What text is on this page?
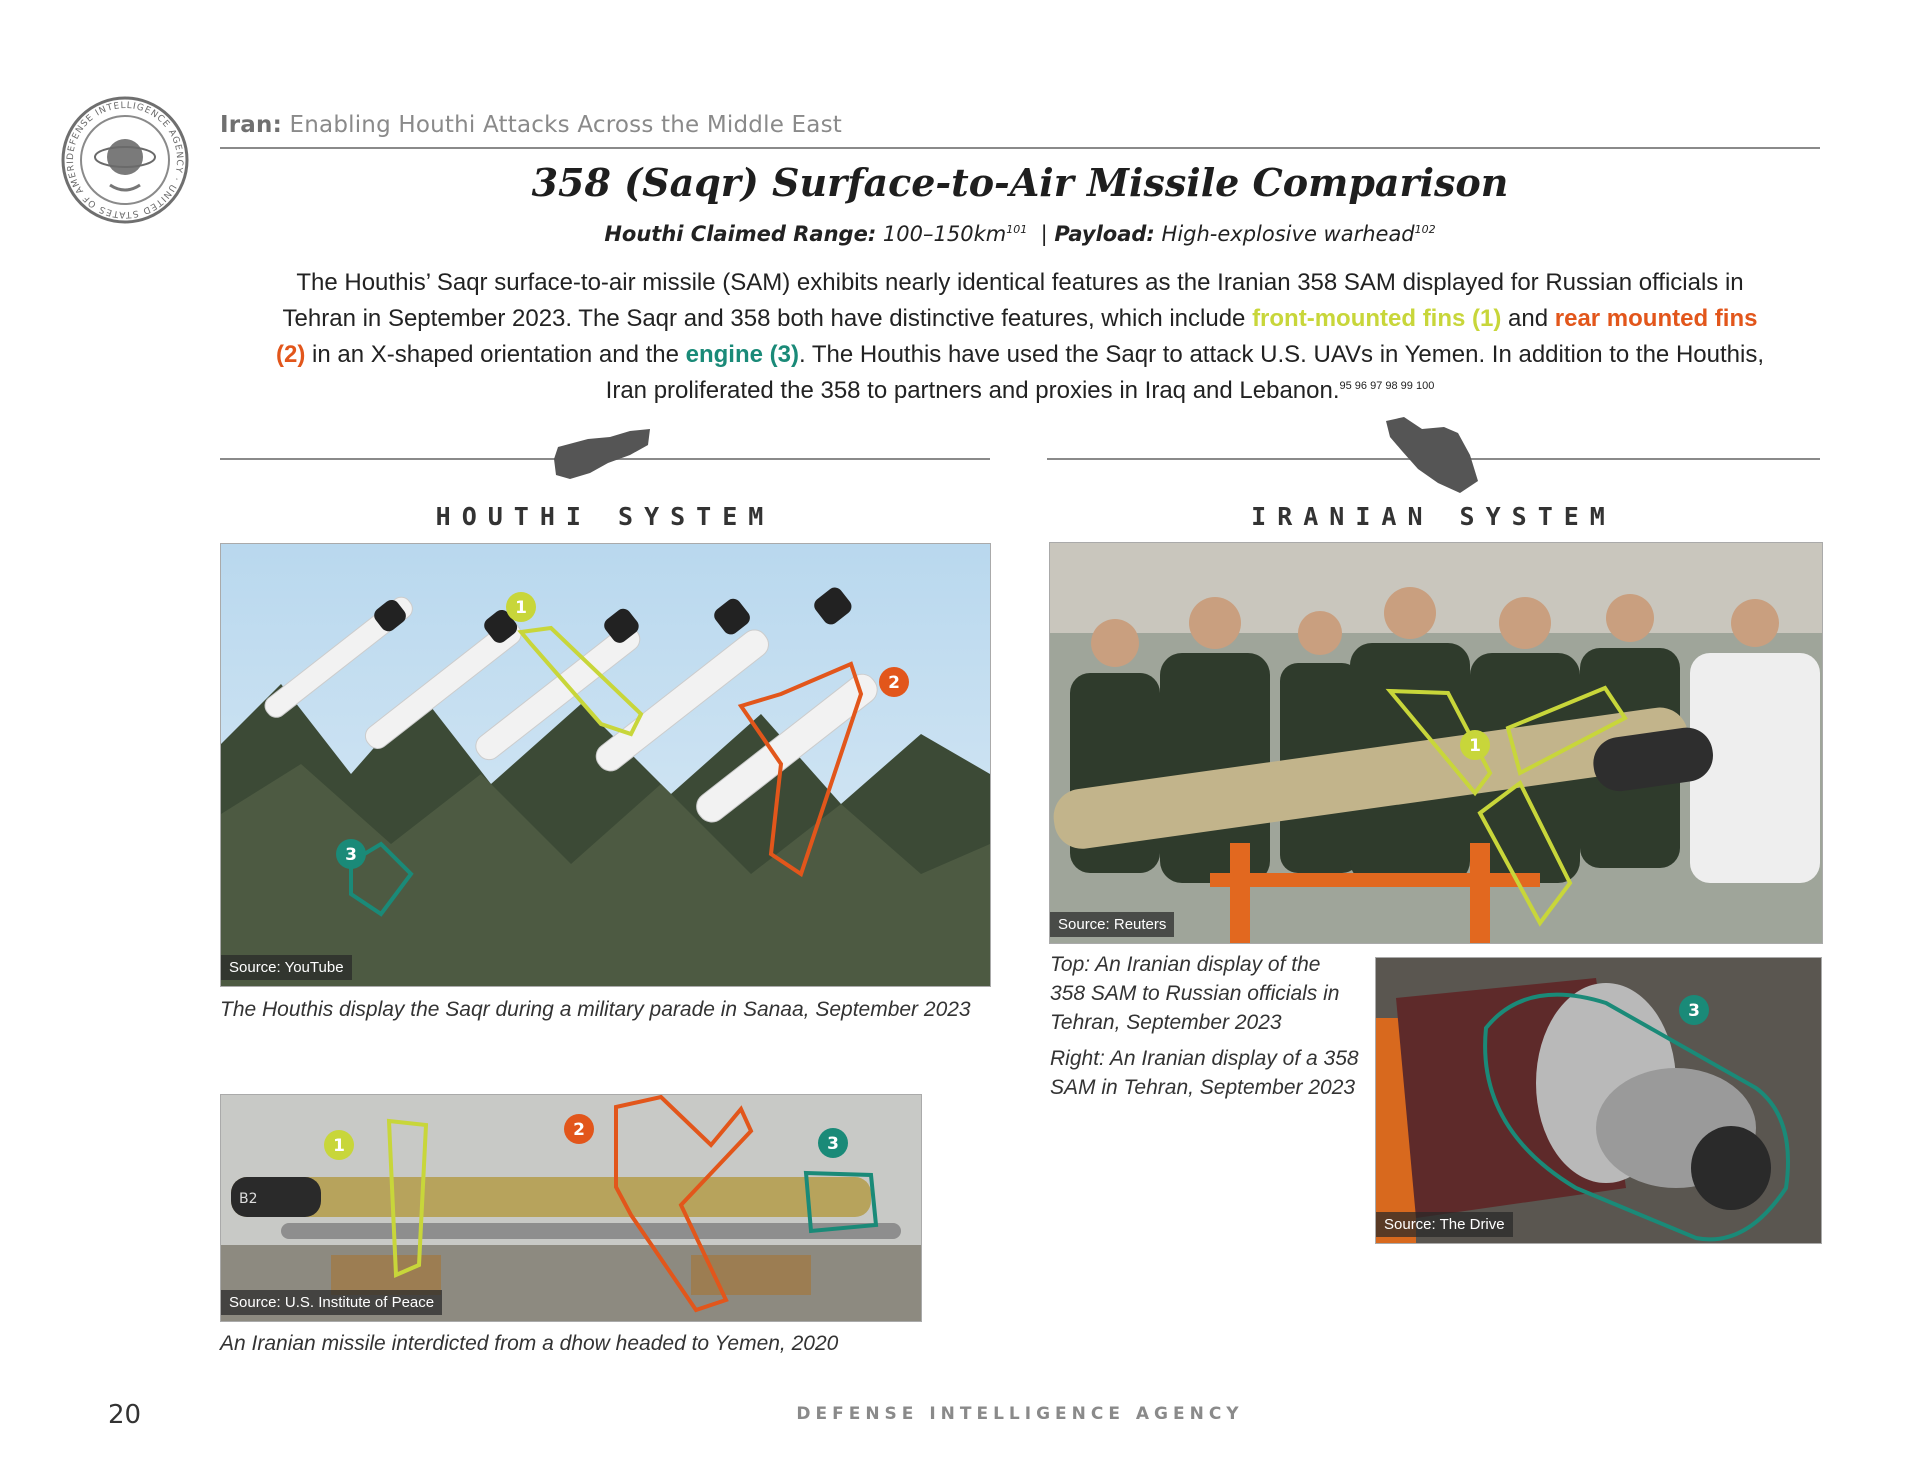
DEFENSE INTELLIGENCE AGENCY · UNITED STATES OF AMERI
Iran: Enabling Houthi Attacks Across the Middle East
358 (Saqr) Surface-to-Air Missile Comparison
Houthi Claimed Range: $100-150km^{101}$ | Payload: High-explosive warhead$^{102}$
The Houthis’ Saqr surface-to-air missile (SAM) exhibits nearly identical features as the Iranian 358 SAM displayed for Russian officials in Tehran in September 2023. The Saqr and 358 both have distinctive features, which include front-mounted fins (1) and rear mounted fins (2) in an X-shaped orientation and the engine (3). The Houthis have used the Saqr to attack U.S. UAVs in Yemen. In addition to the Houthis, Iran proliferated the 358 to partners and proxies in Iraq and Lebanon.$^{95 96 97 98 99 100}$
HOUTHI SYSTEM	IRANIAN SYSTEM
1
2
3
Source: YouTube
The Houthis display the Saqr during a military parade in Sanaa, September 2023
B2
1
2
3
Source: U.S. Institute of Peace
An Iranian missile interdicted from a dhow headed to Yemen, 2020
1
Source: Reuters
3
Source: The Drive
Top: An Iranian display of the 358 SAM to Russian officials in Tehran, September 2023
Right: An Iranian display of a 358 SAM in Tehran, September 2023
20	DEFENSE INTELLIGENCE AGENCY
